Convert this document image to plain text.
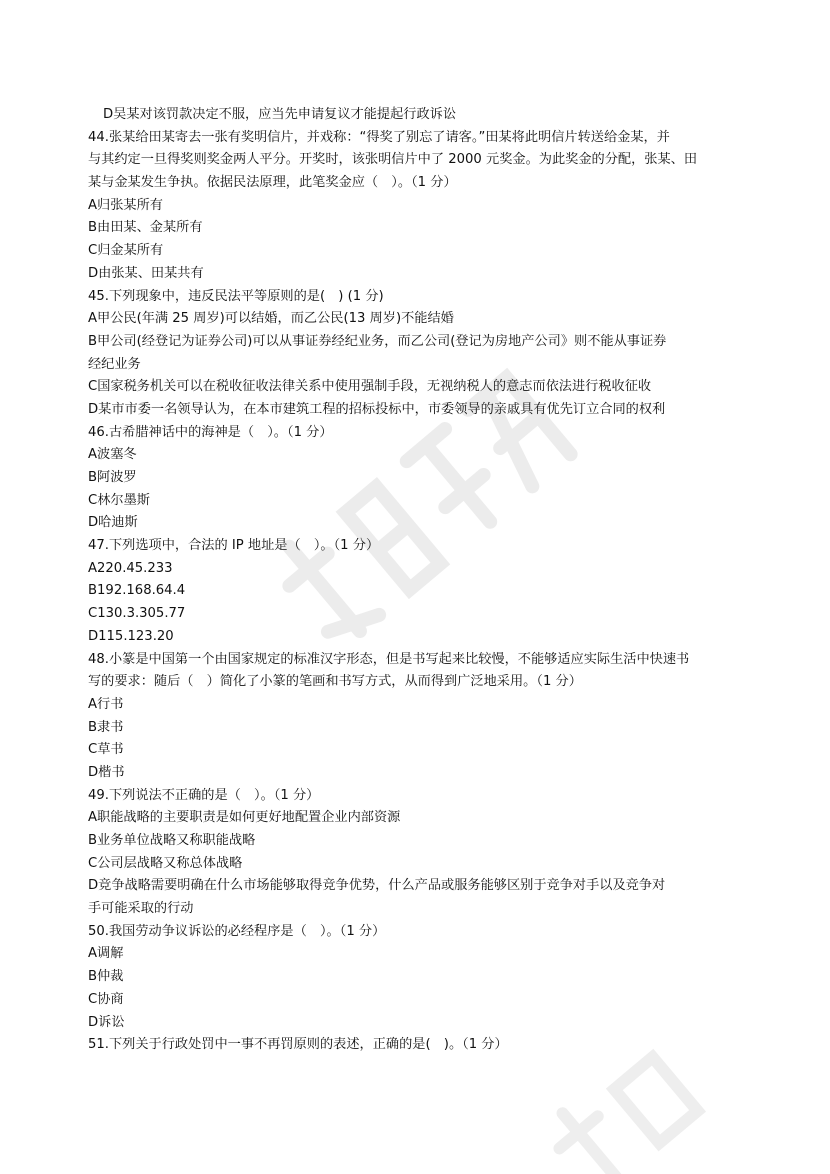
D吴某对该罚款决定不服，应当先申请复议才能提起行政诉讼
44.张某给田某寄去一张有奖明信片，并戏称：“得奖了别忘了请客。”田某将此明信片转送给金某，并
与其约定一旦得奖则奖金两人平分。开奖时，该张明信片中了 2000 元奖金。为此奖金的分配，张某、田
某与金某发生争执。依据民法原理，此笔奖金应（　）。（1 分）
A归张某所有
B由田某、金某所有
C归金某所有
D由张某、田某共有
45.下列现象中，违反民法平等原则的是(　) (1 分)
A甲公民(年满 25 周岁)可以结婚，而乙公民(13 周岁)不能结婚
B甲公司(经登记为证券公司)可以从事证券经纪业务，而乙公司(登记为房地产公司》则不能从事证券
经纪业务
C国家税务机关可以在税收征收法律关系中使用强制手段，无视纳税人的意志而依法进行税收征收
D某市市委一名领导认为，在本市建筑工程的招标投标中，市委领导的亲戚具有优先订立合同的权利
46.古希腊神话中的海神是（　）。（1 分）
A波塞冬
B阿波罗
C林尔墨斯
D哈迪斯
47.下列选项中，合法的 IP 地址是（　）。（1 分）
A220.45.233
B192.168.64.4
C130.3.305.77
D115.123.20
48.小篆是中国第一个由国家规定的标准汉字形态，但是书写起来比较慢，不能够适应实际生活中快速书
写的要求：随后（　）简化了小篆的笔画和书写方式，从而得到广泛地采用。（1 分）
A行书
B隶书
C草书
D楷书
49.下列说法不正确的是（　）。（1 分）
A职能战略的主要职责是如何更好地配置企业内部资源
B业务单位战略又称职能战略
C公司层战略又称总体战略
D竞争战略需要明确在什么市场能够取得竞争优势，什么产品或服务能够区别于竞争对手以及竞争对
手可能采取的行动
50.我国劳动争议诉讼的必经程序是（　）。（1 分）
A调解
B仲裁
C协商
D诉讼
51.下列关于行政处罚中一事不再罚原则的表述，正确的是(　)。（1 分）
